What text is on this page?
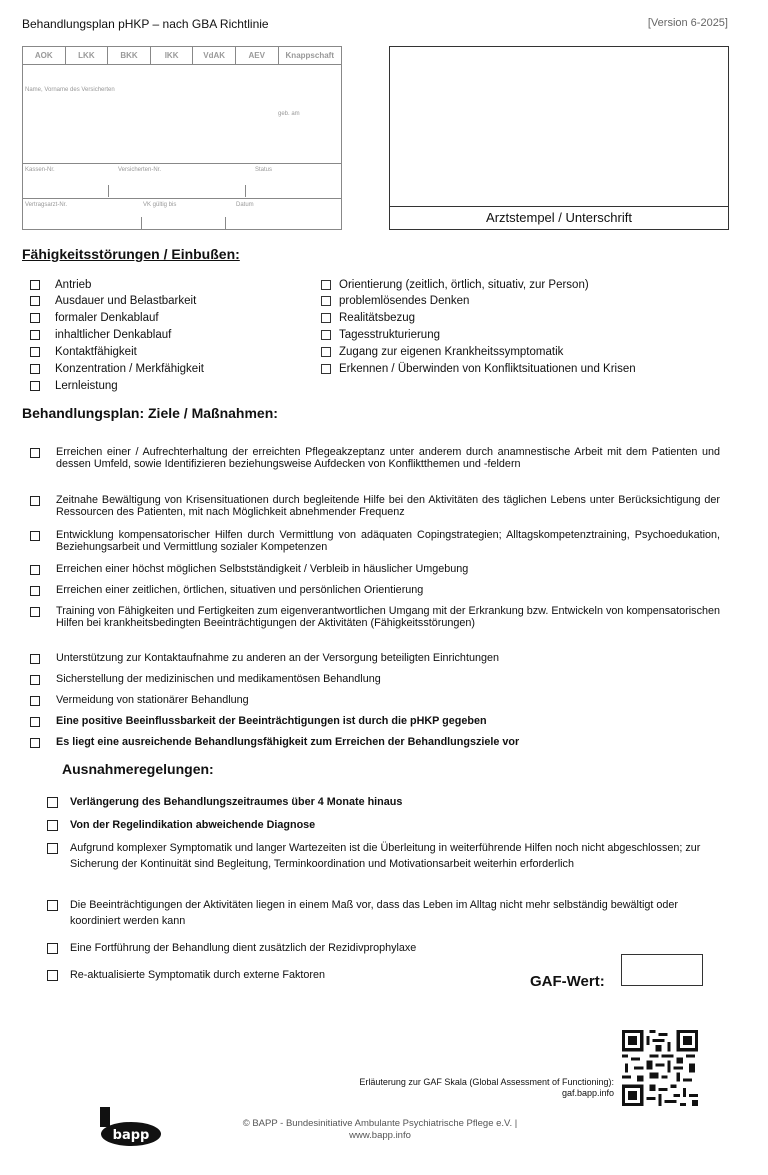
Behandlungsplan pHKP – nach GBA Richtlinie	[Version 6-2025]
AOK	LKK	BKK	IKK	VdAK	AEV	Knappschaft
Name, Vorname des Versicherten
geb. am
Kassen-Nr.	Versicherten-Nr.	Status
Vertragsarzt-Nr.	VK gültig bis	Datum
Arztstempel / Unterschrift
Fähigkeitsstörungen / Einbußen:
Antrieb
Ausdauer und Belastbarkeit
formaler Denkablauf
inhaltlicher Denkablauf
Kontaktfähigkeit
Konzentration / Merkfähigkeit
Lernleistung
Orientierung (zeitlich, örtlich, situativ, zur Person)
problemlösendes Denken
Realitätsbezug
Tagesstrukturierung
Zugang zur eigenen Krankheitssymptomatik
Erkennen / Überwinden von Konfliktsituationen und Krisen
Behandlungsplan: Ziele / Maßnahmen:
Erreichen einer / Aufrechterhaltung der erreichten Pflegeakzeptanz unter anderem durch anamnestische Arbeit mit dem Patienten und dessen Umfeld, sowie Identifizieren beziehungsweise Aufdecken von Konfliktthemen und -feldern
Zeitnahe Bewältigung von Krisensituationen durch begleitende Hilfe bei den Aktivitäten des täglichen Lebens unter Berücksichtigung der Ressourcen des Patienten, mit nach Möglichkeit abnehmender Frequenz
Entwicklung kompensatorischer Hilfen durch Vermittlung von adäquaten Copingstrategien; Alltagskompetenztraining, Psychoedukation, Beziehungsarbeit und Vermittlung sozialer Kompetenzen
Erreichen einer höchst möglichen Selbstständigkeit / Verbleib in häuslicher Umgebung
Erreichen einer zeitlichen, örtlichen, situativen und persönlichen Orientierung
Training von Fähigkeiten und Fertigkeiten zum eigenverantwortlichen Umgang mit der Erkrankung bzw. Entwickeln von kompensatorischen Hilfen bei krankheitsbedingten Beeinträchtigungen der Aktivitäten (Fähigkeitsstörungen)
Unterstützung zur Kontaktaufnahme zu anderen an der Versorgung beteiligten Einrichtungen
Sicherstellung der medizinischen und medikamentösen Behandlung
Vermeidung von stationärer Behandlung
Eine positive Beeinflussbarkeit der Beeinträchtigungen ist durch die pHKP gegeben
Es liegt eine ausreichende Behandlungsfähigkeit zum Erreichen der Behandlungsziele vor
Ausnahmeregelungen:
Verlängerung des Behandlungszeitraumes über 4 Monate hinaus
Von der Regelindikation abweichende Diagnose
Aufgrund komplexer Symptomatik und langer Wartezeiten ist die Überleitung in weiterführende Hilfen noch nicht abgeschlossen; zur Sicherung der Kontinuität sind Begleitung, Terminkoordination und Motivationsarbeit weiterhin erforderlich
Die Beeinträchtigungen der Aktivitäten liegen in einem Maß vor, dass das Leben im Alltag nicht mehr selbständig bewältigt oder koordiniert werden kann
Eine Fortführung der Behandlung dient zusätzlich der Rezidivprophylaxe
Re-aktualisierte Symptomatik durch externe Faktoren	GAF-Wert:
Erläuterung zur GAF Skala (Global Assessment of Functioning):
gaf.bapp.info
bapp
© BAPP - Bundesinitiative Ambulante Psychiatrische Pflege e.V. |
www.bapp.info
